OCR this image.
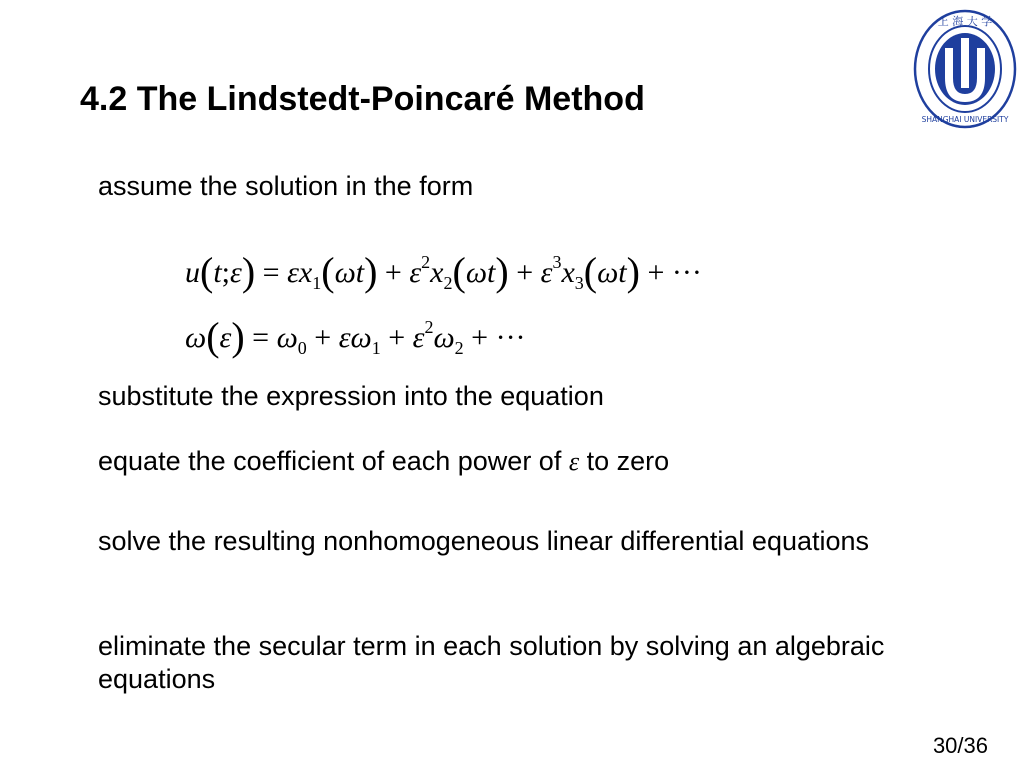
4.2 The Lindstedt-Poincaré Method
上 海 大 学
SHANGHAI UNIVERSITY
assume the solution in the form
u(t;ε) = $\varepsilon x_1(\omega t) + \varepsilon^2x_2(\omega t) + \varepsilon^3x_3(\omega t)$ + ···
$\omega(\varepsilon) = \omega_0 + \varepsilon\omega_1 + \varepsilon^2\omega_2$ + ···
substitute the expression into the equation
equate the coefficient of each power of ε to zero
solve the resulting nonhomogeneous linear differential equations
eliminate the secular term in each solution by solving an algebraic equations
30/36
